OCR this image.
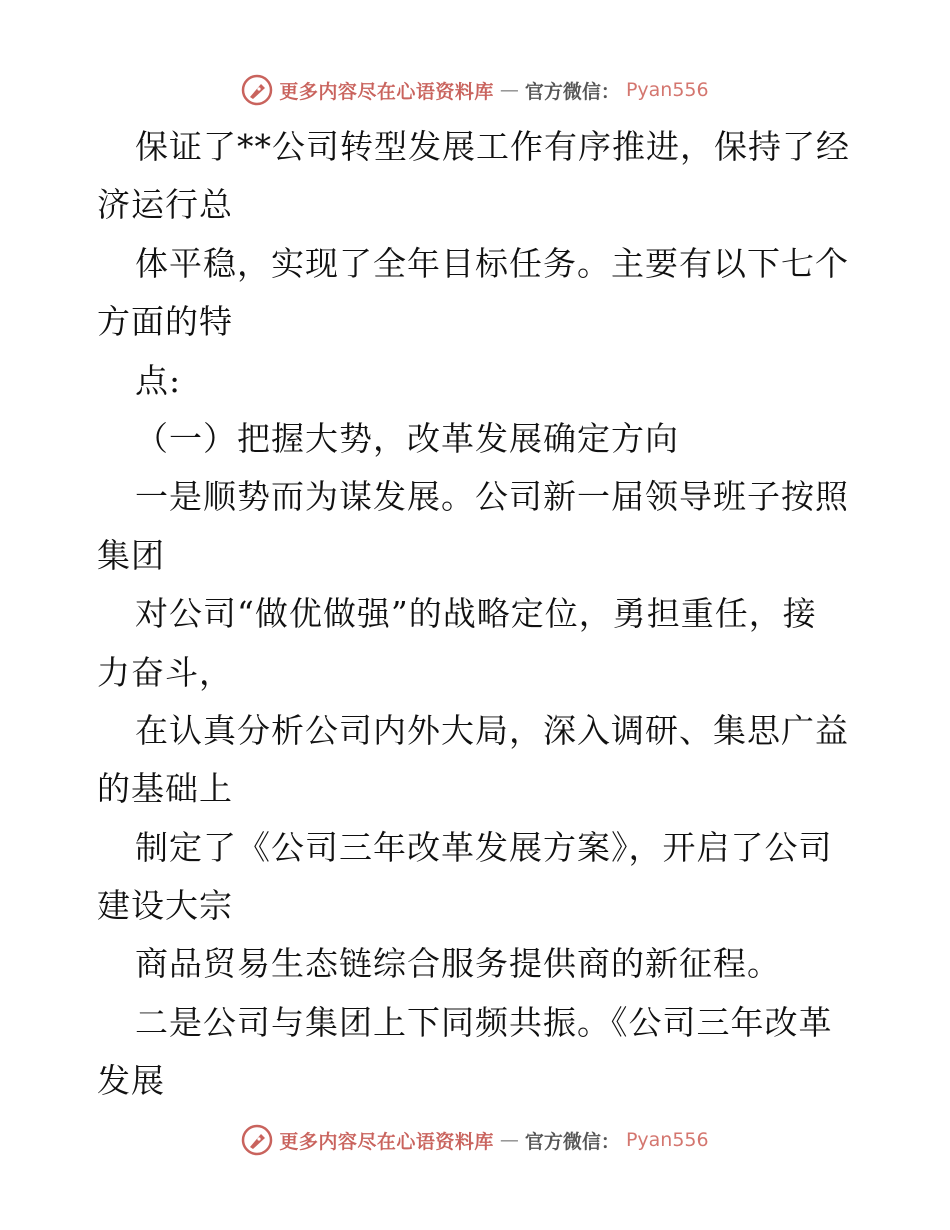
更多内容尽在心语资料库 — 官方微信： Pyan556
保证了**公司转型发展工作有序推进，保持了经
济运行总
体平稳，实现了全年目标任务。主要有以下七个
方面的特
点:
（一）把握大势，改革发展确定方向
一是顺势而为谋发展。公司新一届领导班子按照
集团
对公司“做优做强”的战略定位，勇担重任，接
力奋斗，
在认真分析公司内外大局，深入调研、集思广益
的基础上
制定了《公司三年改革发展方案》，开启了公司
建设大宗
商品贸易生态链综合服务提供商的新征程。
二是公司与集团上下同频共振。《公司三年改革
发展
更多内容尽在心语资料库 — 官方微信： Pyan556
